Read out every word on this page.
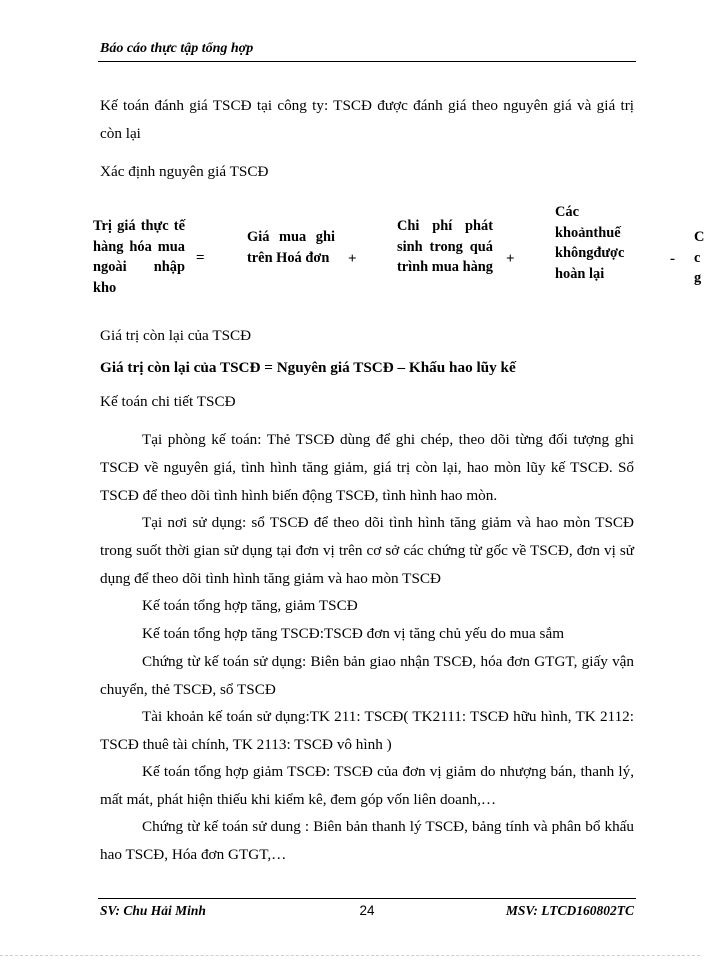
Báo cáo thực tập tổng hợp
Kế toán đánh giá TSCĐ tại công ty: TSCĐ được đánh giá theo nguyên giá và giá trị còn lại
Xác định nguyên giá TSCĐ
Trị giá thực tế hàng hóa mua ngoài nhập kho
=
Giá mua ghi trên Hoá đơn	+
Chi phí phát sinh trong quá trình mua hàng +
Các khoảnthuế khôngđược hoàn lại
-
C c g
Giá trị còn lại của TSCĐ
Giá trị còn lại của TSCĐ = Nguyên giá TSCĐ – Khấu hao lũy kế
Kế toán chi tiết TSCĐ
Tại phòng kế toán: Thẻ TSCĐ dùng để ghi chép, theo dõi từng đối tượng ghi TSCĐ về nguyên giá, tình hình tăng giảm, giá trị còn lại, hao mòn lũy kế TSCĐ. Sổ TSCĐ để theo dõi tình hình biến động TSCĐ, tình hình hao mòn.
Tại nơi sử dụng: sổ TSCĐ để theo dõi tình hình tăng giảm và hao mòn TSCĐ trong suốt thời gian sử dụng tại đơn vị trên cơ sở các chứng từ gốc về TSCĐ, đơn vị sử dụng để theo dõi tình hình tăng giảm và hao mòn TSCĐ
Kế toán tổng hợp tăng, giảm TSCĐ
Kế toán tổng hợp tăng TSCĐ:TSCĐ đơn vị tăng chủ yếu do mua sắm
Chứng từ kế toán sử dụng: Biên bản giao nhận TSCĐ, hóa đơn GTGT, giấy vận chuyển, thẻ TSCĐ, sổ TSCĐ
Tài khoản kế toán sử dụng:TK 211: TSCĐ( TK2111: TSCĐ hữu hình, TK 2112: TSCĐ thuê tài chính, TK 2113: TSCĐ vô hình )
Kế toán tổng hợp giảm TSCĐ: TSCĐ của đơn vị giảm do nhượng bán, thanh lý, mất mát, phát hiện thiếu khi kiểm kê, đem góp vốn liên doanh,…
Chứng từ kế toán sử dung : Biên bản thanh lý TSCĐ, bảng tính và phân bổ khấu hao TSCĐ, Hóa đơn GTGT,…
SV: Chu Hải Minh	24	MSV: LTCD160802TC
